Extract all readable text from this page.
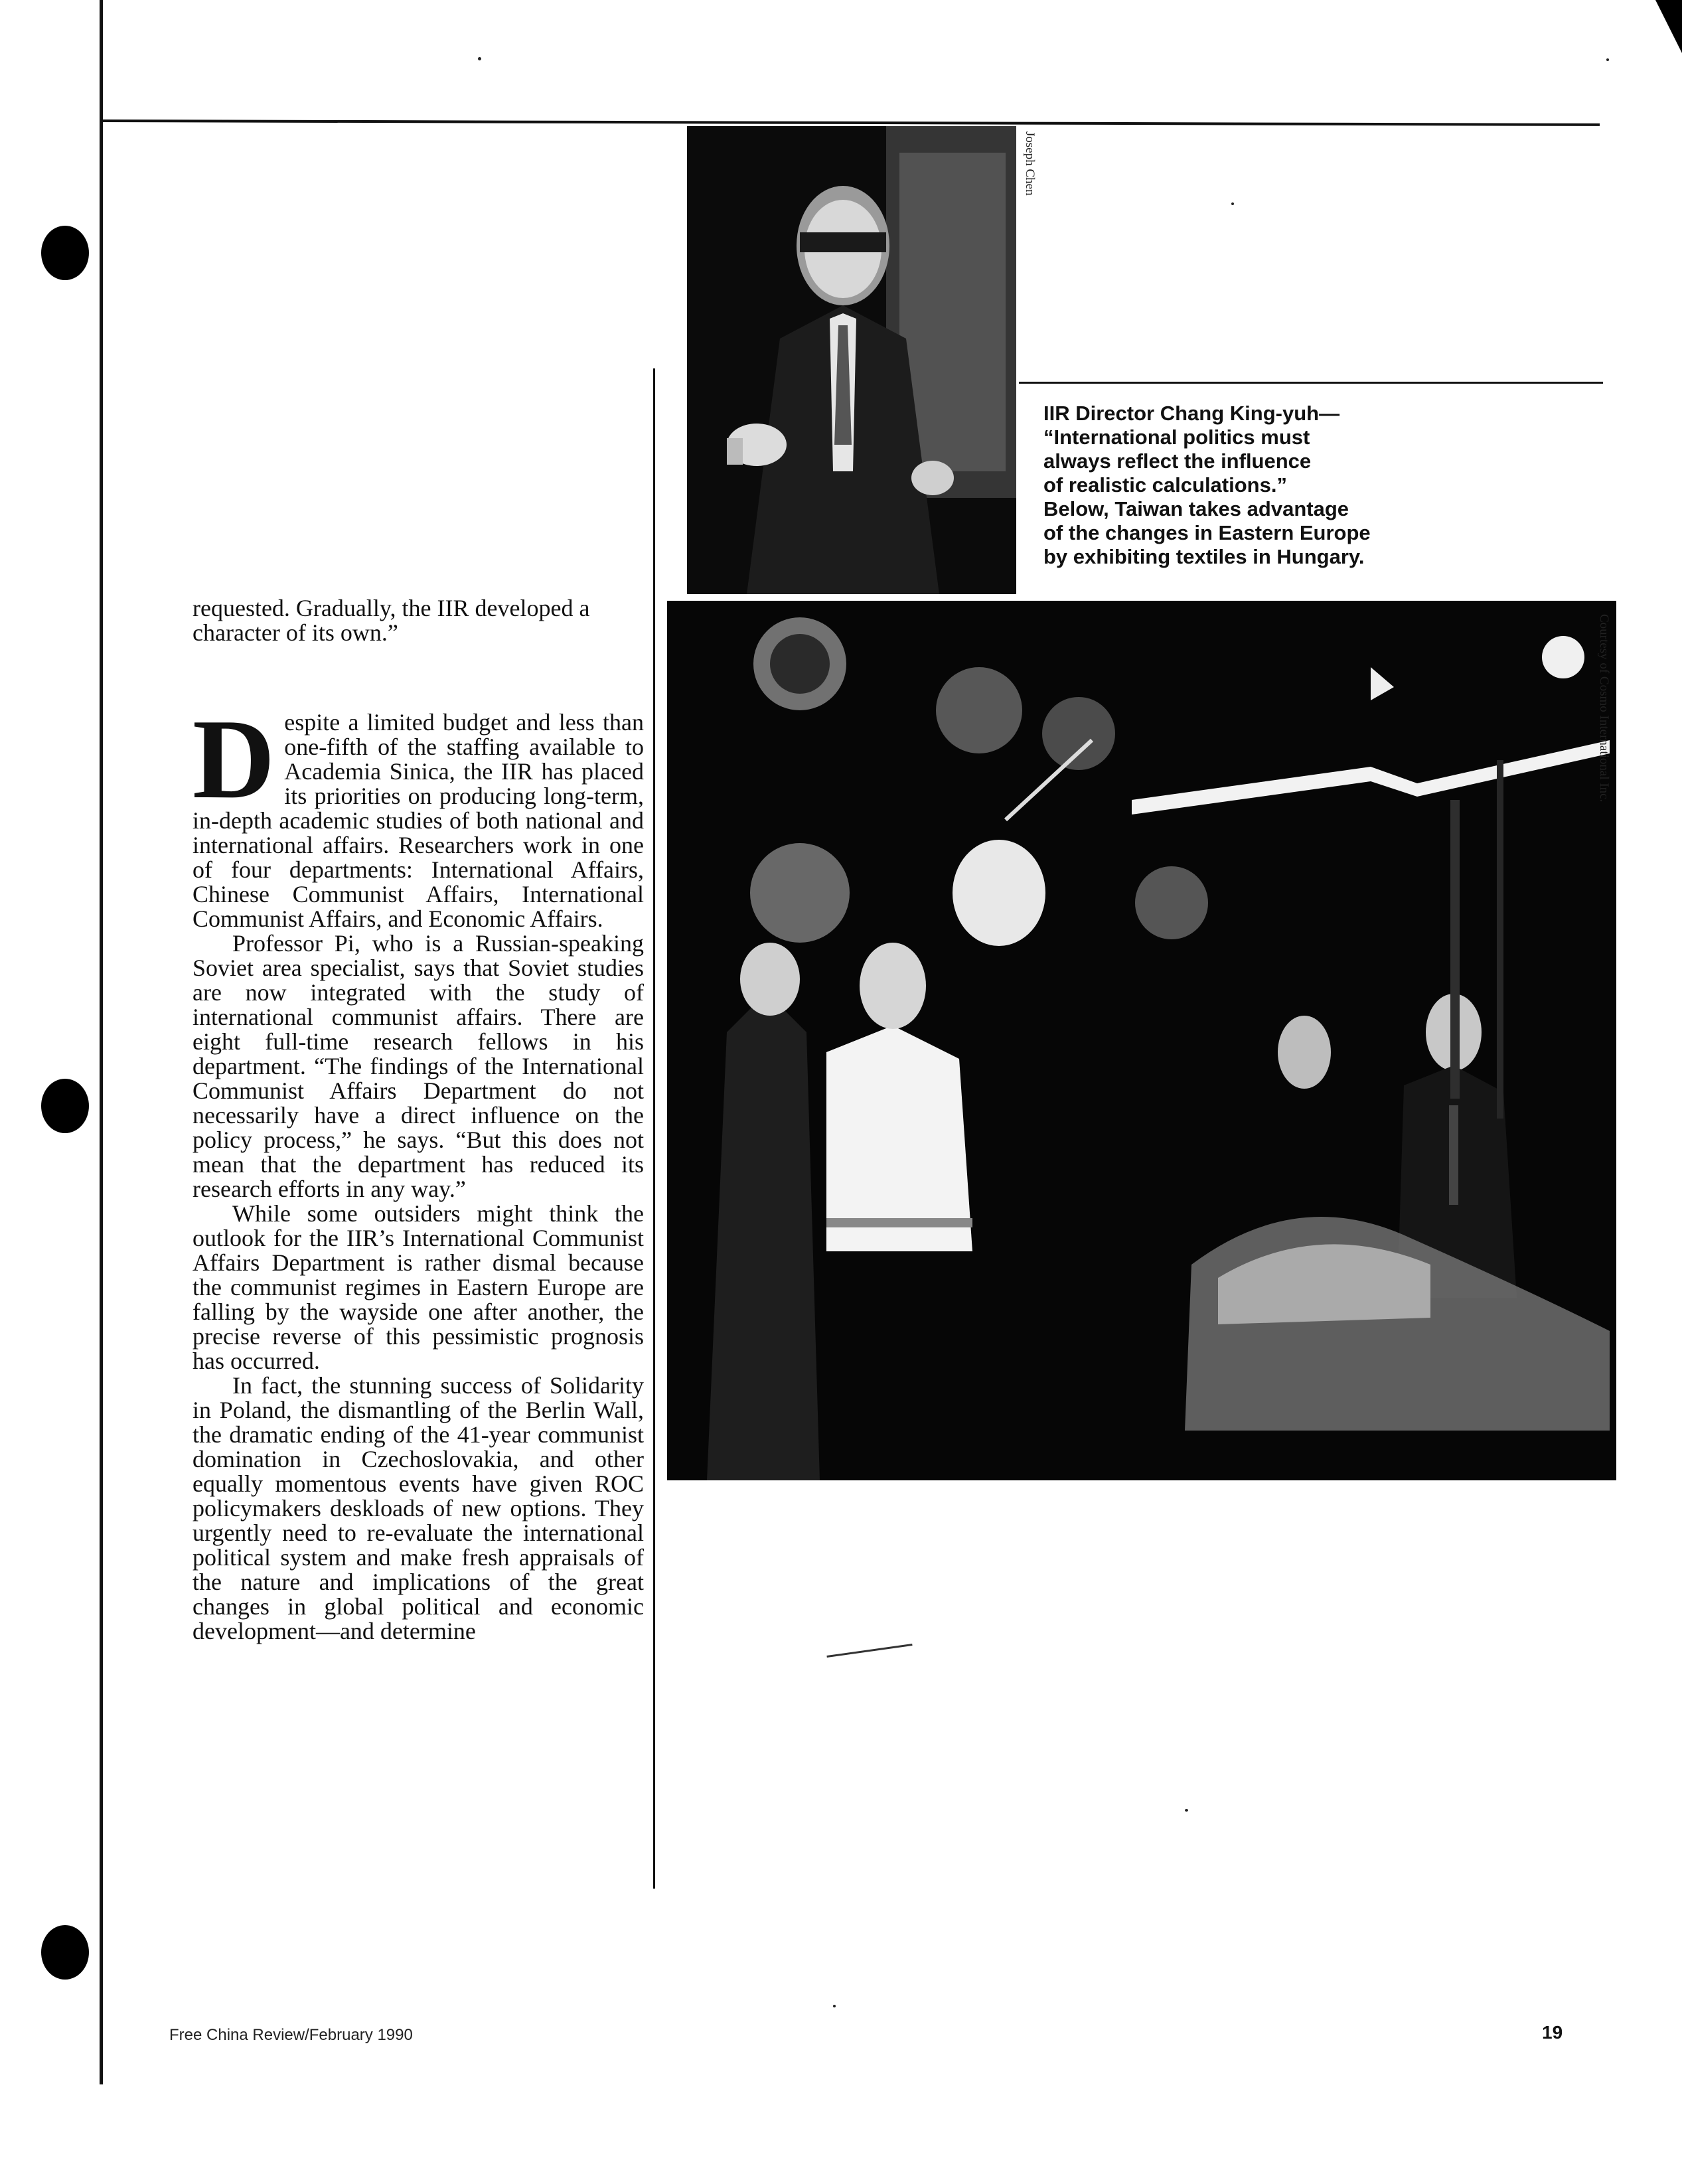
Joseph Chen
Courtesy of Cosmo International Inc.
IIR Director Chang King-yuh—
“International politics must
always reflect the influence
of realistic calculations.”
Below, Taiwan takes advantage
of the changes in Eastern Europe
by exhibiting textiles in Hungary.

requested. Gradually, the IIR developed a character of its own.”

Despite a limited budget and less than one-fifth of the staffing available to Academia Sinica, the IIR has placed its priorities on producing long-term, in-depth academic studies of both national and international affairs. Researchers work in one of four departments: International Affairs, Chinese Communist Affairs, International Communist Affairs, and Economic Affairs.

Professor Pi, who is a Russian-speaking Soviet area specialist, says that Soviet studies are now integrated with the study of international communist affairs. There are eight full-time research fellows in his department. “The findings of the International Communist Affairs Department do not necessarily have a direct influence on the policy process,” he says. “But this does not mean that the department has reduced its research efforts in any way.”

While some outsiders might think the outlook for the IIR’s International Communist Affairs Department is rather dismal because the communist regimes in Eastern Europe are falling by the wayside one after another, the precise reverse of this pessimistic prognosis has occurred.

In fact, the stunning success of Solidarity in Poland, the dismantling of the Berlin Wall, the dramatic ending of the 41-year communist domination in Czechoslovakia, and other equally momentous events have given ROC policymakers deskloads of new options. They urgently need to re-evaluate the international political system and make fresh appraisals of the nature and implications of the great changes in global political and economic development—and determine

Free China Review/February 1990	19
